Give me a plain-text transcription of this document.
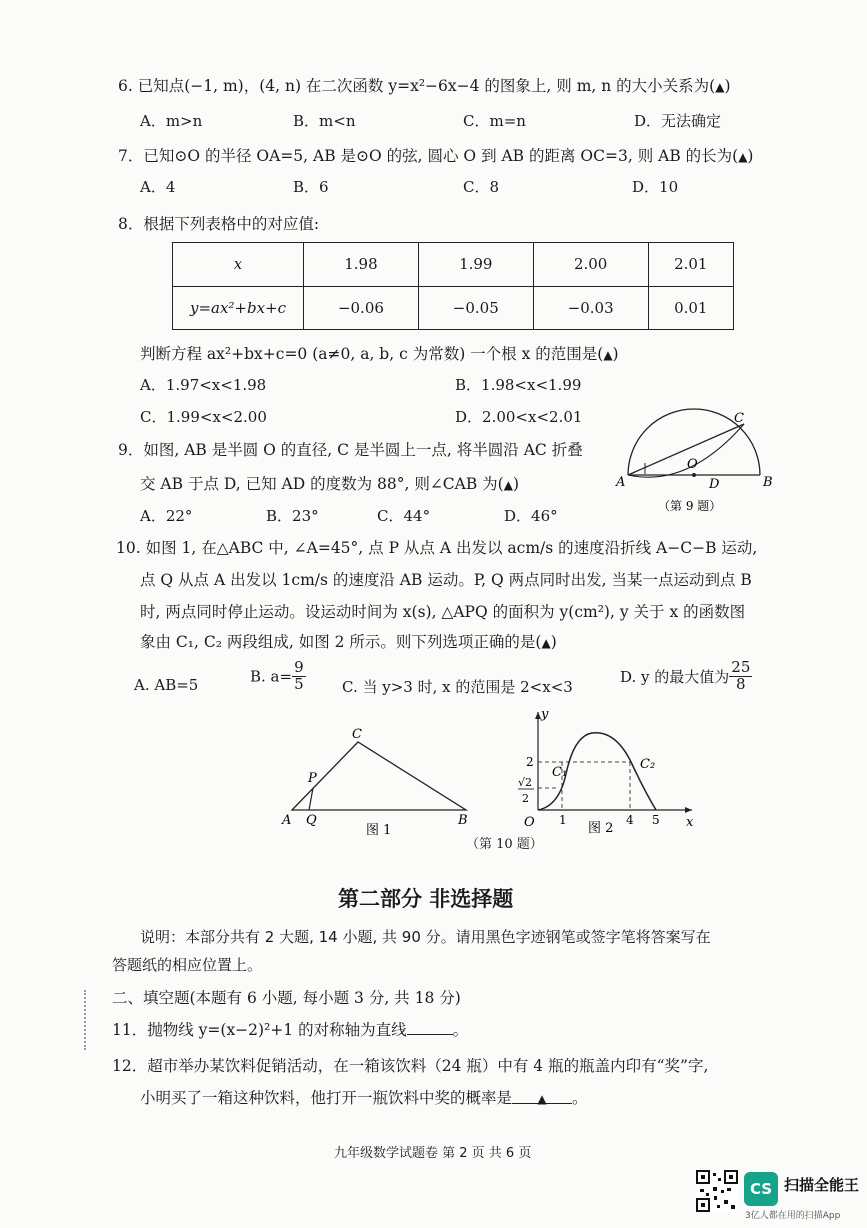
6. 已知点(−1, m)，(4, n) 在二次函数 y=x²−6x−4 的图象上, 则 m, n 的大小关系为(▲)
A．m>n	B．m<n	C．m=n	D．无法确定
7．已知⊙O 的半径 OA=5, AB 是⊙O 的弦, 圆心 O 到 AB 的距离 OC=3, 则 AB 的长为(▲)
A．4	B．6	C．8	D．10
8．根据下列表格中的对应值:
x	1.98	1.99	2.00	2.01
y=ax²+bx+c	−0.06	−0.05	−0.03	0.01
判断方程 ax²+bx+c=0 (a≠0, a, b, c 为常数) 一个根 x 的范围是(▲)
A．1.97<x<1.98	B．1.98<x<1.99
C．1.99<x<2.00	D．2.00<x<2.01
9．如图, AB 是半圆 O 的直径, C 是半圆上一点, 将半圆沿 AC 折叠
交 AB 于点 D, 已知 AD 的度数为 88°, 则∠CAB 为(▲)
A．22°	B．23°	C．44°	D．46°
A	B
C
D
O
（第 9 题）
10. 如图 1, 在△ABC 中, ∠A=45°, 点 P 从点 A 出发以 acm/s 的速度沿折线 A−C−B 运动,
点 Q 从点 A 出发以 1cm/s 的速度沿 AB 运动。P, Q 两点同时出发, 当某一点运动到点 B
时, 两点同时停止运动。设运动时间为 x(s), △APQ 的面积为 y(cm²), y 关于 x 的函数图
象由 C₁, C₂ 两段组成, 如图 2 所示。则下列选项正确的是(▲)
A. AB=5	B. $a= \frac{9}{5} C$. 当 y>3 时, x 的范围是 2<x<3
D. y 的最大值为 $\frac{25}{8}$
A Q	B
C
P
图 1
y
x
O
2
√2
2
1	4 5
C₁
C₂
图 2
（第 10 题）
第二部分 非选择题
说明：本部分共有 2 大题, 14 小题, 共 90 分。请用黑色字迹钢笔或签字笔将答案写在
答题纸的相应位置上。
二、填空题(本题有 6 小题, 每小题 3 分, 共 18 分)
11．抛物线 y=(x−2)²+1 的对称轴为直线	。
12．超市举办某饮料促销活动，在一箱该饮料（24 瓶）中有 4 瓶的瓶盖内印有“奖”字,
小明买了一箱这种饮料，他打开一瓶饮料中奖的概率是 ▲ 。
九年级数学试题卷 第 2 页 共 6 页
CS 扫描全能王
3亿人都在用的扫描App
